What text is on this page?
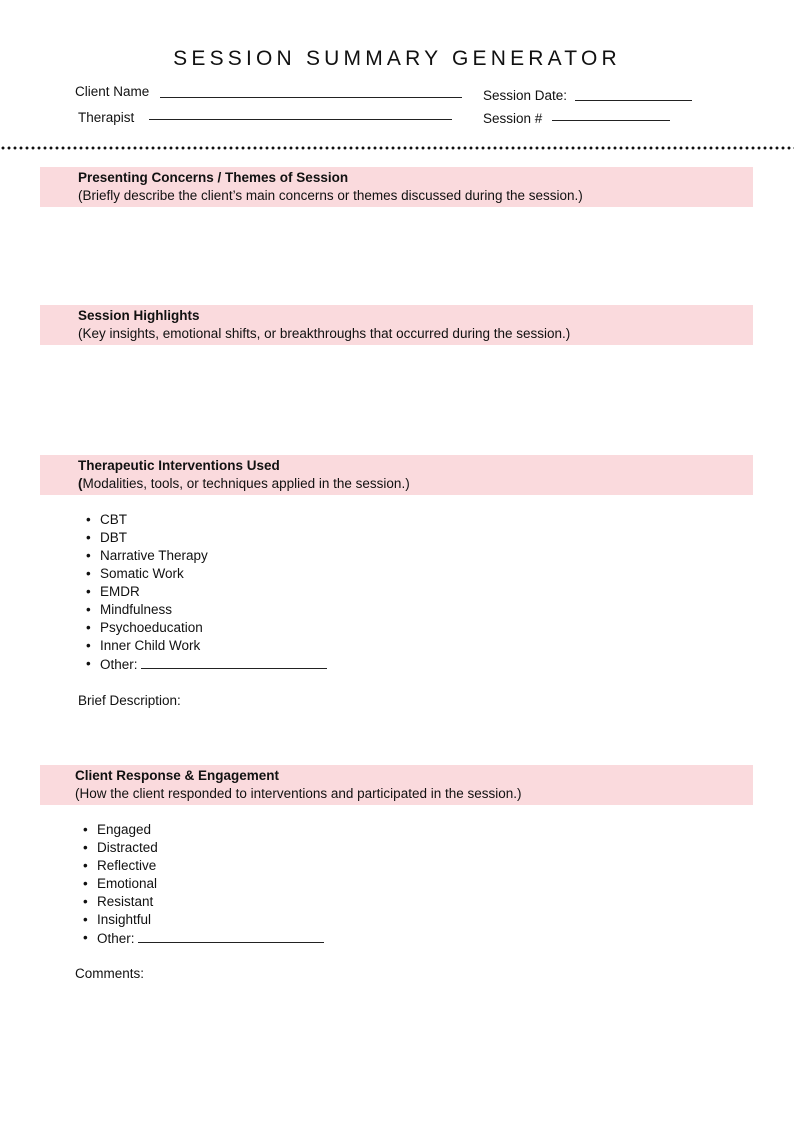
SESSION SUMMARY GENERATOR
Client Name
Therapist
Session Date:
Session #
Presenting Concerns / Themes of Session
(Briefly describe the client’s main concerns or themes discussed during the session.)
Session Highlights
(Key insights, emotional shifts, or breakthroughs that occurred during the session.)
Therapeutic Interventions Used
(Modalities, tools, or techniques applied in the session.)
• CBT
• DBT
• Narrative Therapy
• Somatic Work
• EMDR
• Mindfulness
• Psychoeducation
• Inner Child Work
• Other:
Brief Description:
Client Response & Engagement
(How the client responded to interventions and participated in the session.)
• Engaged
• Distracted
• Reflective
• Emotional
• Resistant
• Insightful
• Other:
Comments:
